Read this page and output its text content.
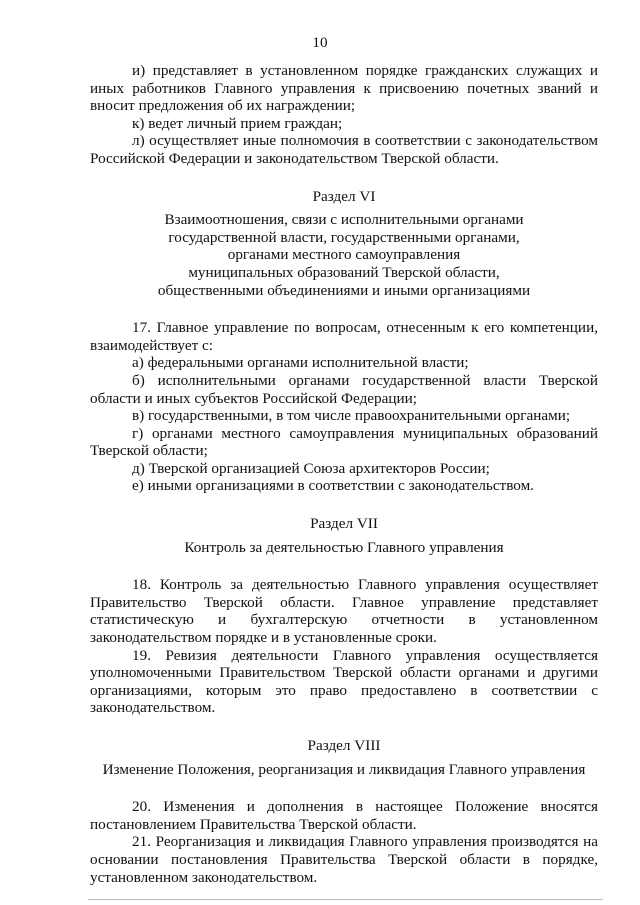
10

и) представляет в установленном порядке гражданских служащих и иных работников Главного управления к присвоению почетных званий и вносит предложения об их награждении;

к) ведет личный прием граждан;

л) осуществляет иные полномочия в соответствии с законодательством Российской Федерации и законодательством Тверской области.

Раздел VI

Взаимоотношения, связи с исполнительными органами

государственной власти, государственными органами,

органами местного самоуправления

муниципальных образований Тверской области,

общественными объединениями и иными организациями

17. Главное управление по вопросам, отнесенным к его компетенции, взаимодействует с:

а) федеральными органами исполнительной власти;

б) исполнительными органами государственной власти Тверской области и иных субъектов Российской Федерации;

в) государственными, в том числе правоохранительными органами;

г) органами местного самоуправления муниципальных образований Тверской области;

д) Тверской организацией Союза архитекторов России;

е) иными организациями в соответствии с законодательством.

Раздел VII

Контроль за деятельностью Главного управления

18. Контроль за деятельностью Главного управления осуществляет Правительство Тверской области. Главное управление представляет статистическую и бухгалтерскую отчетности в установленном законодательством порядке и в установленные сроки.

19. Ревизия деятельности Главного управления осуществляется уполномоченными Правительством Тверской области органами и другими организациями, которым это право предоставлено в соответствии с законодательством.

Раздел VIII

Изменение Положения, реорганизация и ликвидация Главного управления

20. Изменения и дополнения в настоящее Положение вносятся постановлением Правительства Тверской области.

21. Реорганизация и ликвидация Главного управления производятся на основании постановления Правительства Тверской области в порядке, установленном законодательством.
